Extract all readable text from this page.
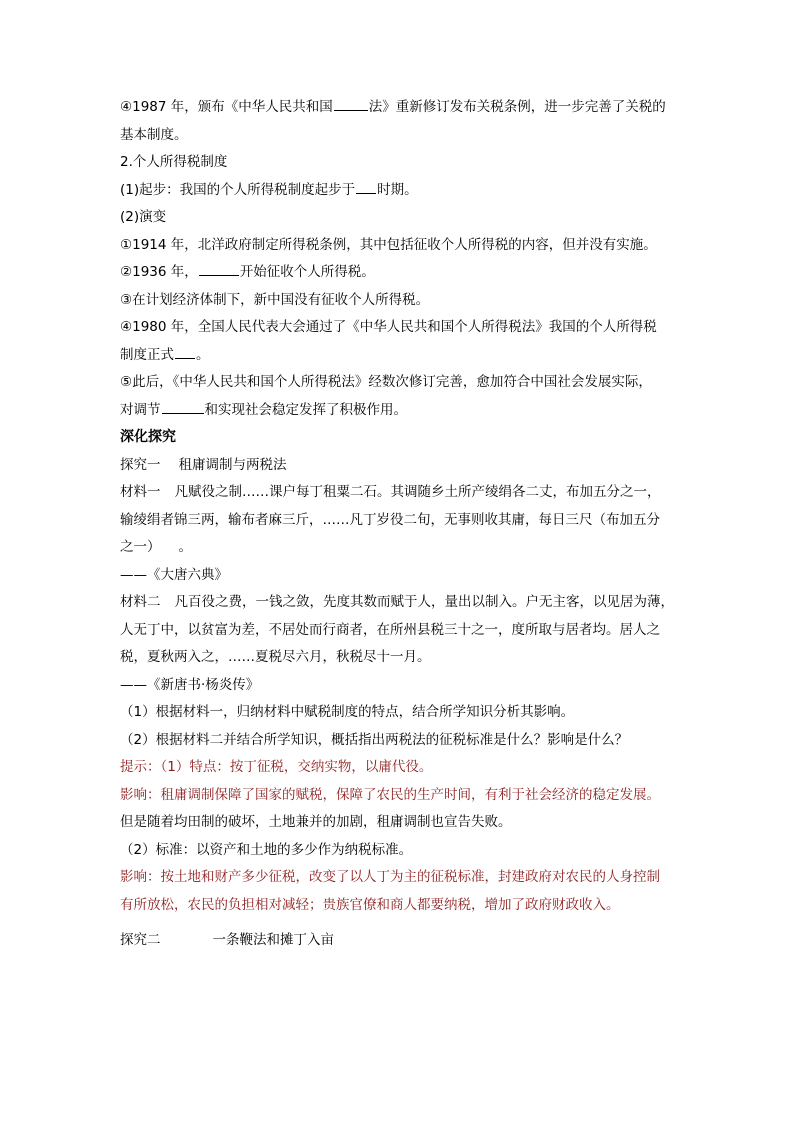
④1987 年，颁布《中华人民共和国	法》重新修订发布关税条例，进一步完善了关税的
基本制度。
2.个人所得税制度
(1)起步：我国的个人所得税制度起步于 时期。
(2)演变
①1914 年，北洋政府制定所得税条例，其中包括征收个人所得税的内容，但并没有实施。
②1936 年，	开始征收个人所得税。
③在计划经济体制下，新中国没有征收个人所得税。
④1980 年，全国人民代表大会通过了《中华人民共和国个人所得税法》我国的个人所得税
制度正式 。
⑤此后，《中华人民共和国个人所得税法》经数次修订完善，愈加符合中国社会发展实际，
对调节	和实现社会稳定发挥了积极作用。
深化探究
探究一 租庸调制与两税法
材料一 凡赋役之制……课户每丁租粟二石。其调随乡土所产绫绢各二丈，布加五分之一，
输绫绢者锦三两，输布者麻三斤，……凡丁岁役二旬，无事则收其庸，每日三尺（布加五分
之一） 。
——《大唐六典》
材料二 凡百役之费，一钱之敛，先度其数而赋于人，量出以制入。户无主客，以见居为薄，
人无丁中，以贫富为差，不居处而行商者，在所州县税三十之一，度所取与居者均。居人之
税，夏秋两入之，……夏税尽六月，秋税尽十一月。
——《新唐书·杨炎传》
（1）根据材料一，归纳材料中赋税制度的特点，结合所学知识分析其影响。
（2）根据材料二并结合所学知识，概括指出两税法的征税标准是什么？影响是什么？
提示：（1）特点：按丁征税，交纳实物，以庸代役。
影响：租庸调制保障了国家的赋税，保障了农民的生产时间，有利于社会经济的稳定发展。
但是随着均田制的破坏，土地兼并的加剧，租庸调制也宣告失败。
（2）标准：以资产和土地的多少作为纳税标准。
影响：按土地和财产多少征税，改变了以人丁为主的征税标准，封建政府对农民的人身控制
有所放松，农民的负担相对减轻；贵族官僚和商人都要纳税，增加了政府财政收入。
探究二	一条鞭法和摊丁入亩
